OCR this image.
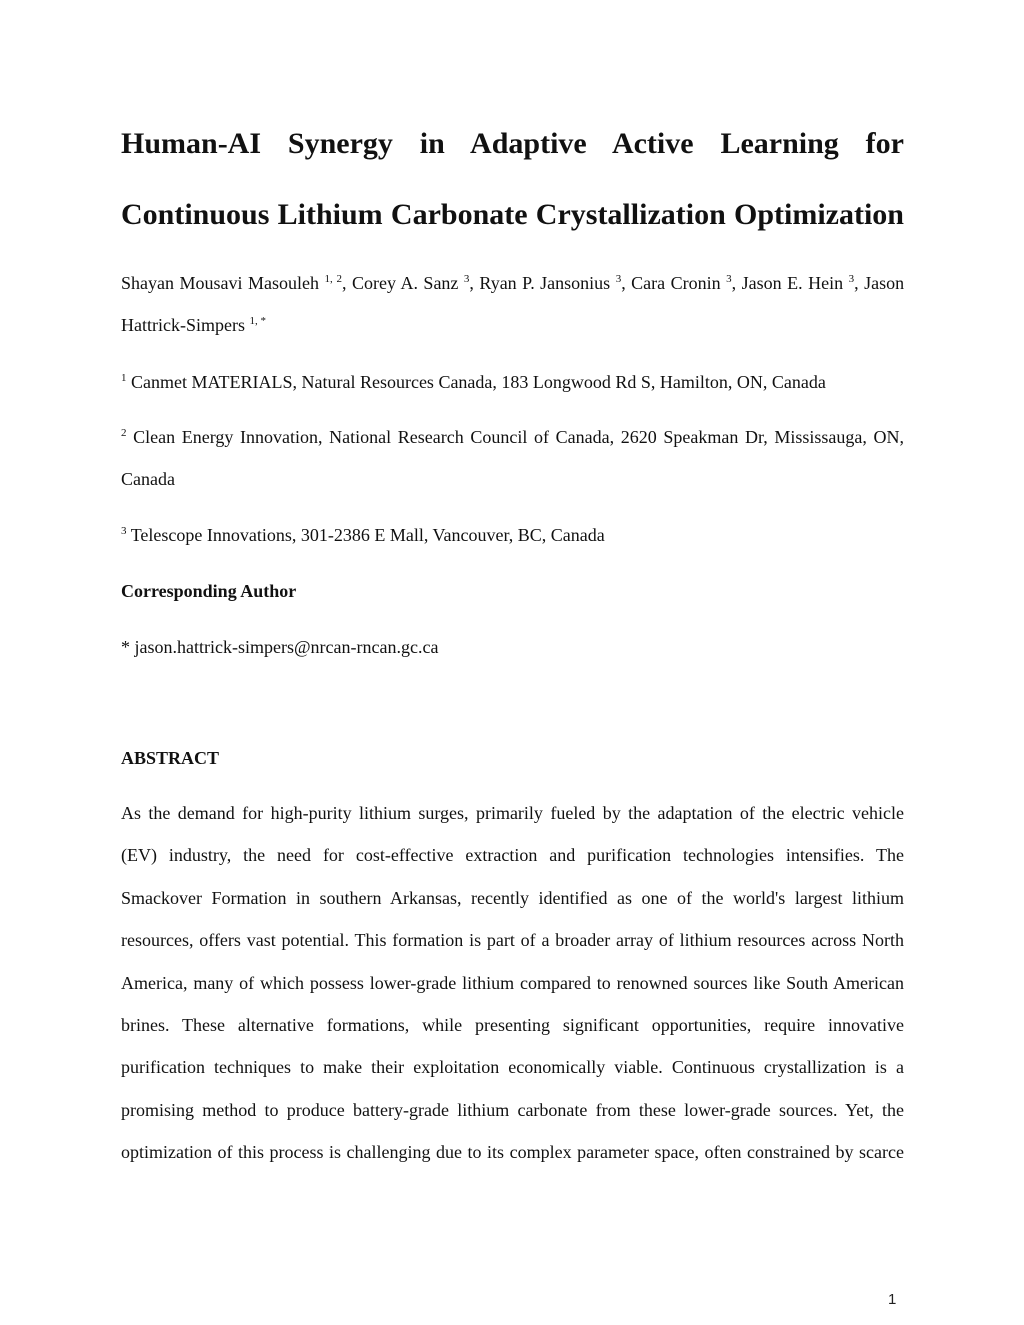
Human-AI Synergy in Adaptive Active Learning for
Continuous Lithium Carbonate Crystallization Optimization

Shayan Mousavi Masouleh $^{1, 2}$, Corey A. Sanz $^3$, Ryan P. Jansonius $^3$, Cara Cronin $^3$, Jason E. Hein $^3$, Jason
Hattrick-Simpers $^{1, *}$

$^1$ Canmet MATERIALS, Natural Resources Canada, 183 Longwood Rd S, Hamilton, ON, Canada

$^2$ Clean Energy Innovation, National Research Council of Canada, 2620 Speakman Dr, Mississauga, ON,
Canada

$^3$ Telescope Innovations, 301-2386 E Mall, Vancouver, BC, Canada

Corresponding Author

* jason.hattrick-simpers@nrcan-rncan.gc.ca

ABSTRACT

As the demand for high-purity lithium surges, primarily fueled by the adaptation of the electric vehicle
(EV) industry, the need for cost-effective extraction and purification technologies intensifies. The
Smackover Formation in southern Arkansas, recently identified as one of the world's largest lithium
resources, offers vast potential. This formation is part of a broader array of lithium resources across North
America, many of which possess lower-grade lithium compared to renowned sources like South American
brines. These alternative formations, while presenting significant opportunities, require innovative
purification techniques to make their exploitation economically viable. Continuous crystallization is a
promising method to produce battery-grade lithium carbonate from these lower-grade sources. Yet, the
optimization of this process is challenging due to its complex parameter space, often constrained by scarce

1
